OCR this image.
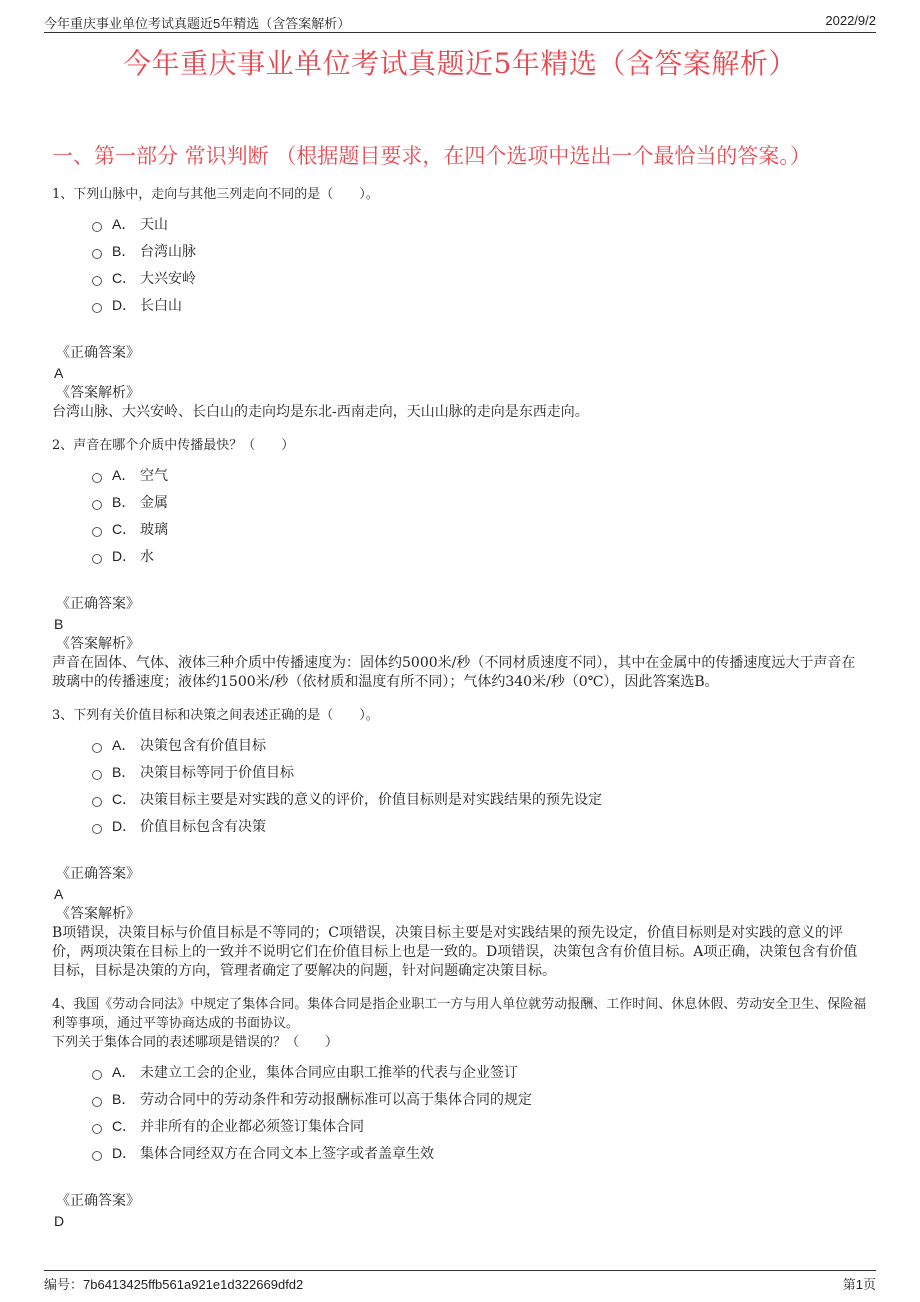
今年重庆事业单位考试真题近5年精选（含答案解析）	2022/9/2
今年重庆事业单位考试真题近5年精选（含答案解析）
一、第一部分 常识判断 （根据题目要求，在四个选项中选出一个最恰当的答案。）

1、下列山脉中，走向与其他三列走向不同的是（　　）。

A． 天山
B． 台湾山脉
C． 大兴安岭
D． 长白山
《正确答案》
A
《答案解析》

台湾山脉、大兴安岭、长白山的走向均是东北-西南走向，天山山脉的走向是东西走向。

2、声音在哪个介质中传播最快？（　　）

A． 空气
B． 金属
C． 玻璃
D． 水
《正确答案》
B
《答案解析》

声音在固体、气体、液体三种介质中传播速度为：固体约5000米/秒（不同材质速度不同），其中在金属中的传播速度远大于声音在玻璃中的传播速度；液体约1500米/秒（依材质和温度有所不同）；气体约340米/秒（0℃），因此答案选B。

3、下列有关价值目标和决策之间表述正确的是（　　）。

A． 决策包含有价值目标
B． 决策目标等同于价值目标
C． 决策目标主要是对实践的意义的评价，价值目标则是对实践结果的预先设定
D． 价值目标包含有决策
《正确答案》
A
《答案解析》

B项错误，决策目标与价值目标是不等同的；C项错误，决策目标主要是对实践结果的预先设定，价值目标则是对实践的意义的评价，两项决策在目标上的一致并不说明它们在价值目标上也是一致的。D项错误，决策包含有价值目标。A项正确，决策包含有价值目标，目标是决策的方向，管理者确定了要解决的问题，针对问题确定决策目标。

4、我国《劳动合同法》中规定了集体合同。集体合同是指企业职工一方与用人单位就劳动报酬、工作时间、休息休假、劳动安全卫生、保险福利等事项，通过平等协商达成的书面协议。

下列关于集体合同的表述哪项是错误的？（　　）

A． 未建立工会的企业，集体合同应由职工推举的代表与企业签订
B． 劳动合同中的劳动条件和劳动报酬标准可以高于集体合同的规定
C． 并非所有的企业都必须签订集体合同
D． 集体合同经双方在合同文本上签字或者盖章生效
《正确答案》
D
编号：7b6413425ffb561a921e1d322669dfd2	第1页
